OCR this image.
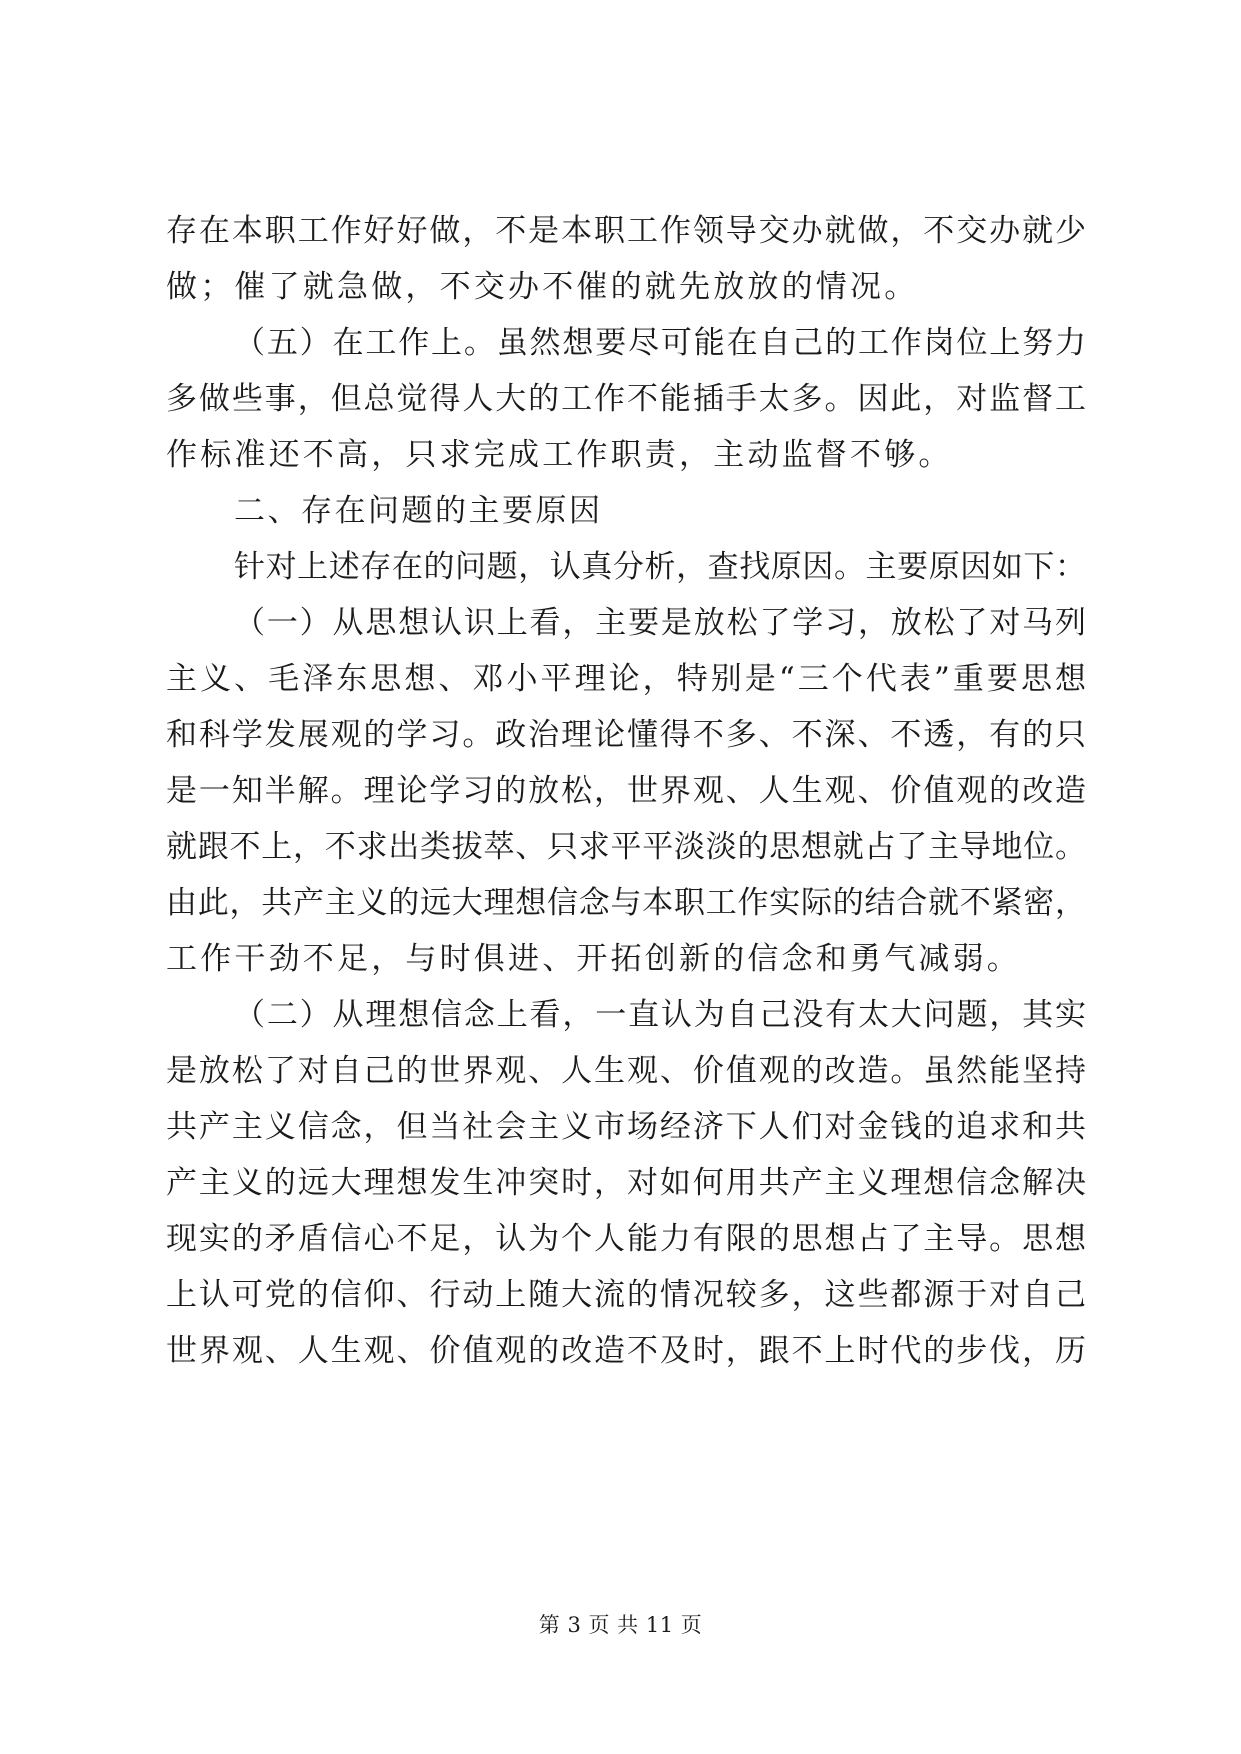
存在本职工作好好做，不是本职工作领导交办就做，不交办就少
做；催了就急做，不交办不催的就先放放的情况。
（五）在工作上。虽然想要尽可能在自己的工作岗位上努力
多做些事，但总觉得人大的工作不能插手太多。因此，对监督工
作标准还不高，只求完成工作职责，主动监督不够。
二、存在问题的主要原因
针对上述存在的问题，认真分析，查找原因。主要原因如下：
（一）从思想认识上看，主要是放松了学习，放松了对马列
主义、毛泽东思想、邓小平理论，特别是“三个代表”重要思想
和科学发展观的学习。政治理论懂得不多、不深、不透，有的只
是一知半解。理论学习的放松，世界观、人生观、价值观的改造
就跟不上，不求出类拔萃、只求平平淡淡的思想就占了主导地位。
由此，共产主义的远大理想信念与本职工作实际的结合就不紧密，
工作干劲不足，与时俱进、开拓创新的信念和勇气减弱。
（二）从理想信念上看，一直认为自己没有太大问题，其实
是放松了对自己的世界观、人生观、价值观的改造。虽然能坚持
共产主义信念，但当社会主义市场经济下人们对金钱的追求和共
产主义的远大理想发生冲突时，对如何用共产主义理想信念解决
现实的矛盾信心不足，认为个人能力有限的思想占了主导。思想
上认可党的信仰、行动上随大流的情况较多，这些都源于对自己
世界观、人生观、价值观的改造不及时，跟不上时代的步伐，历
第 3 页 共 11 页
